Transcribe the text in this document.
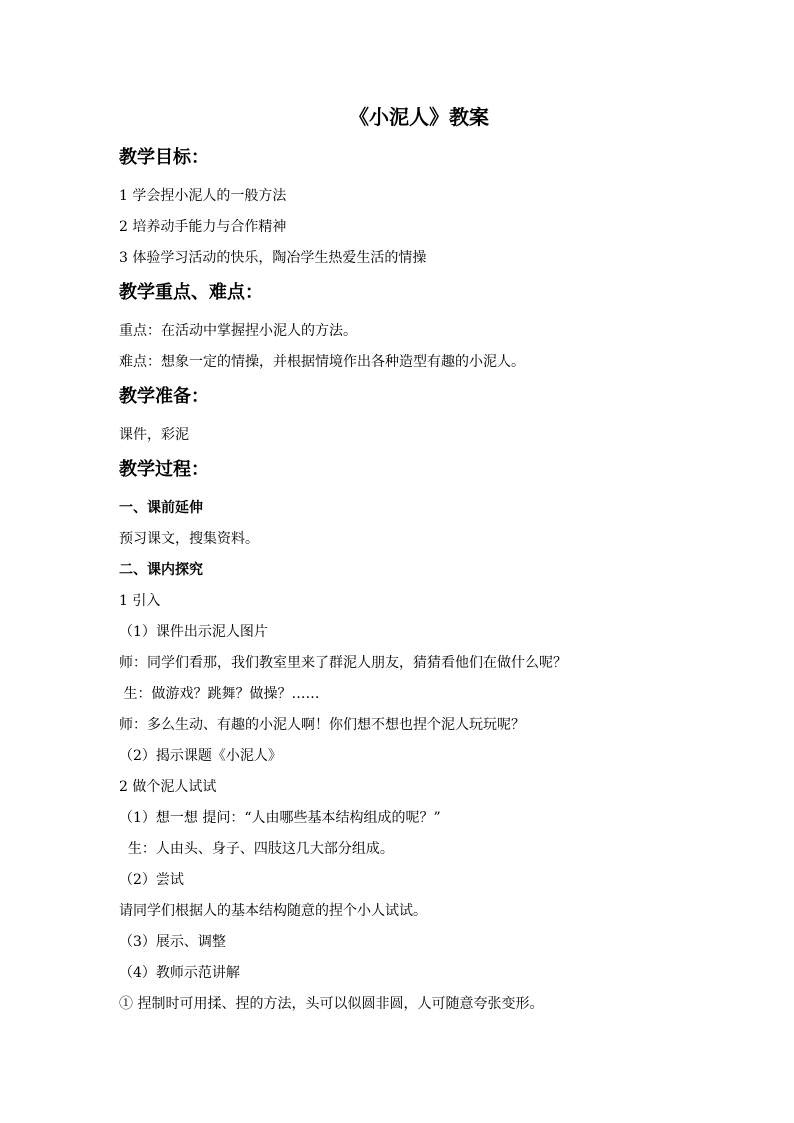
《小泥人》教案
教学目标：
1 学会捏小泥人的一般方法
2 培养动手能力与合作精神
3 体验学习活动的快乐，陶冶学生热爱生活的情操
教学重点、难点：
重点：在活动中掌握捏小泥人的方法。
难点：想象一定的情操，并根据情境作出各种造型有趣的小泥人。
教学准备：
课件，彩泥
教学过程：
一、课前延伸
预习课文，搜集资料。
二、课内探究
1 引入
（1）课件出示泥人图片
师：同学们看那，我们教室里来了群泥人朋友，猜猜看他们在做什么呢？
生：做游戏？跳舞？做操？……
师：多么生动、有趣的小泥人啊！你们想不想也捏个泥人玩玩呢？
（2）揭示课题《小泥人》
2 做个泥人试试
（1）想一想 提问：“人由哪些基本结构组成的呢？”
生：人由头、身子、四肢这几大部分组成。
（2）尝试
请同学们根据人的基本结构随意的捏个小人试试。
（3）展示、调整
（4）教师示范讲解
① 捏制时可用揉、捏的方法，头可以似圆非圆，人可随意夸张变形。
